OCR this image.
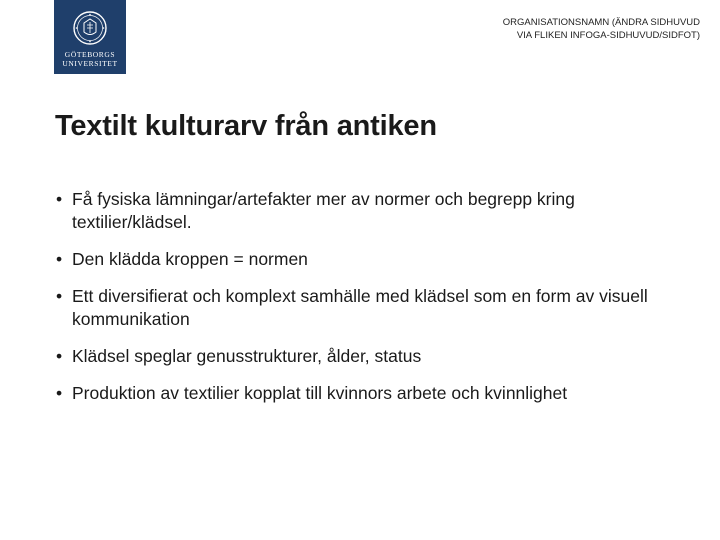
GÖTEBORGS
UNIVERSITET
ORGANISATIONSNAMN (ÄNDRA SIDHUVUD VIA FLIKEN INFOGA-SIDHUVUD/SIDFOT)
Textilt kulturarv från antiken
• Få fysiska lämningar/artefakter mer av normer och begrepp kring textilier/klädsel.
• Den klädda kroppen = normen
• Ett diversifierat och komplext samhälle med klädsel som en form av visuell kommunikation
• Klädsel speglar genusstrukturer, ålder, status
• Produktion av textilier kopplat till kvinnors arbete och kvinnlighet
